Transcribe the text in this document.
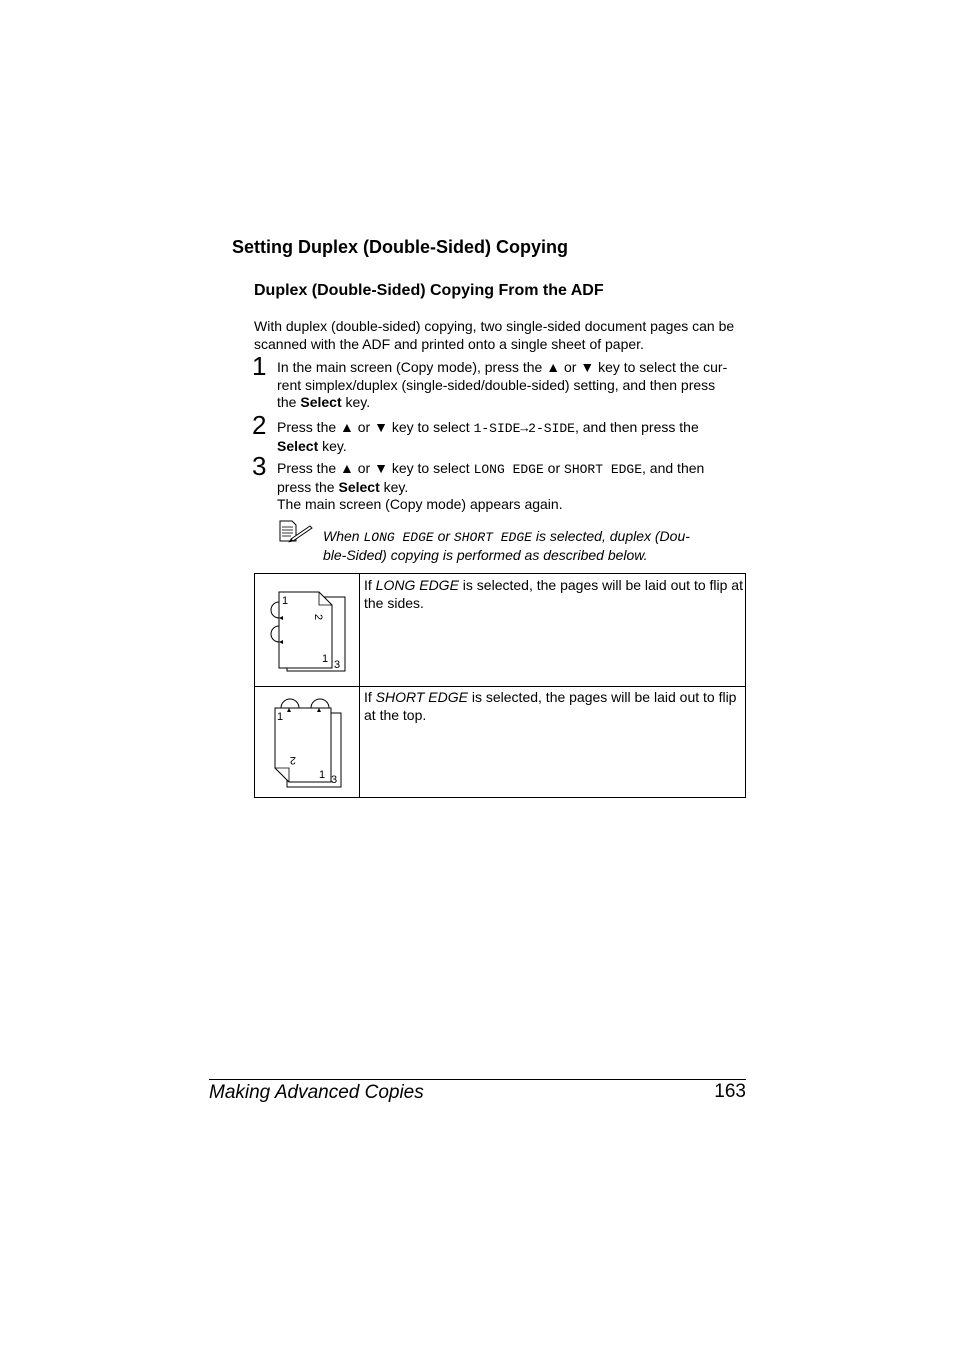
Setting Duplex (Double-Sided) Copying
Duplex (Double-Sided) Copying From the ADF
With duplex (double-sided) copying, two single-sided document pages can be scanned with the ADF and printed onto a single sheet of paper.
1 In the main screen (Copy mode), press the ▲ or ▼ key to select the cur-
rent simplex/duplex (single-sided/double-sided) setting, and then press
the Select key.
2 Press the ▲ or ▼ key to select 1-SIDE→2-SIDE, and then press the
Select key.
3 Press the ▲ or ▼ key to select LONG EDGE or SHORT EDGE, and then
press the Select key.
The main screen (Copy mode) appears again.
When LONG EDGE or SHORT EDGE is selected, duplex (Dou-
ble-Sided) copying is performed as described below.
1
2
1 3
If LONG EDGE is selected, the pages will be laid out to flip at the sides.
1
2
1 3
If SHORT EDGE is selected, the pages will be laid out to flip at the top.
Making Advanced Copies	163
